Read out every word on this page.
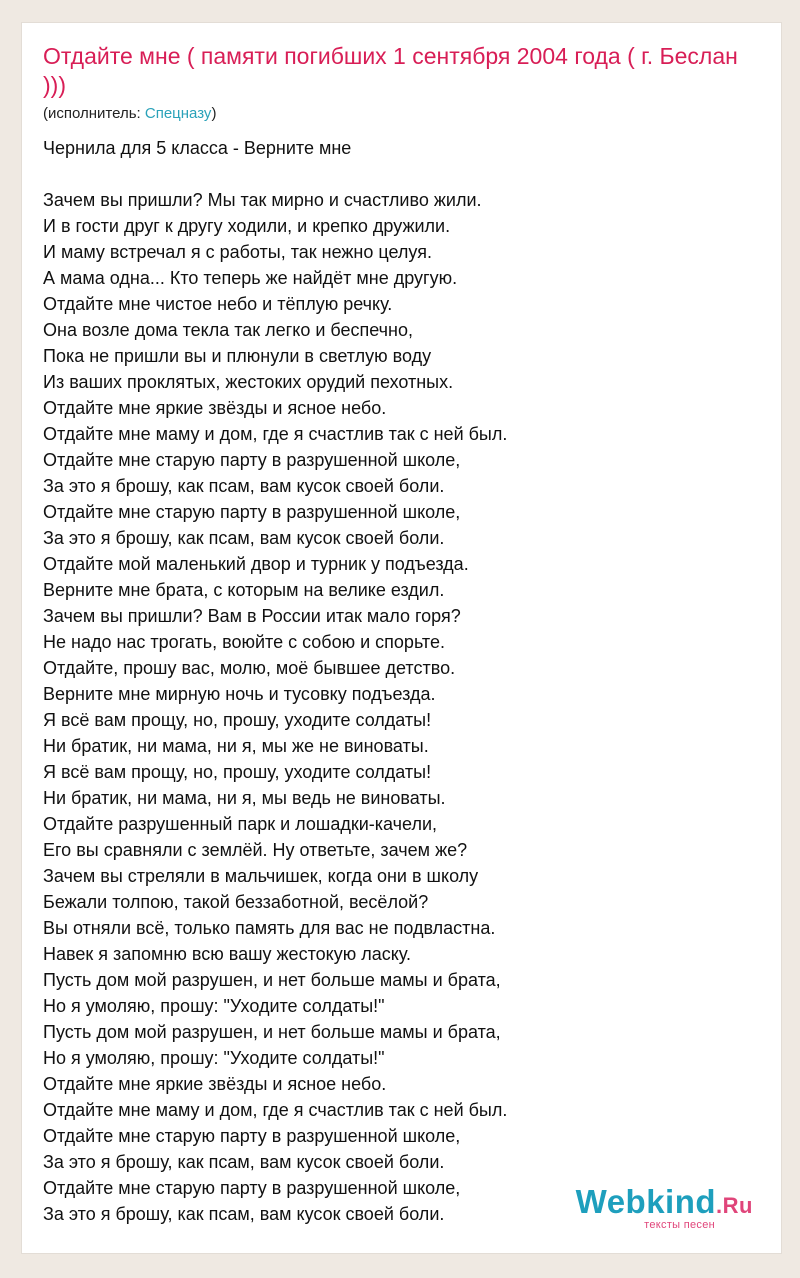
Отдайте мне ( памяти погибших 1 сентября 2004 года ( г. Беслан )))
(исполнитель: Спецназу)
Чернила для 5 класса - Верните мне
Зачем вы пришли? Мы так мирно и счастливо жили.
И в гости друг к другу ходили, и крепко дружили.
И маму встречал я с работы, так нежно целуя.
А мама одна... Кто теперь же найдёт мне другую.
Отдайте мне чистое небо и тёплую речку.
Она возле дома текла так легко и беспечно,
Пока не пришли вы и плюнули в светлую воду
Из ваших проклятых, жестоких орудий пехотных.
Отдайте мне яркие звёзды и ясное небо.
Отдайте мне маму и дом, где я счастлив так с ней был.
Отдайте мне старую парту в разрушенной школе,
За это я брошу, как псам, вам кусок своей боли.
Отдайте мне старую парту в разрушенной школе,
За это я брошу, как псам, вам кусок своей боли.
Отдайте мой маленький двор и турник у подъезда.
Верните мне брата, с которым на велике ездил.
Зачем вы пришли? Вам в России итак мало горя?
Не надо нас трогать, воюйте с собою и спорьте.
Отдайте, прошу вас, молю, моё бывшее детство.
Верните мне мирную ночь и тусовку подъезда.
Я всё вам прощу, но, прошу, уходите солдаты!
Ни братик, ни мама, ни я, мы же не виноваты.
Я всё вам прощу, но, прошу, уходите солдаты!
Ни братик, ни мама, ни я, мы ведь не виноваты.
Отдайте разрушенный парк и лошадки-качели,
Его вы сравняли с землёй. Ну ответьте, зачем же?
Зачем вы стреляли в мальчишек, когда они в школу
Бежали толпою, такой беззаботной, весёлой?
Вы отняли всё, только память для вас не подвластна.
Навек я запомню всю вашу жестокую ласку.
Пусть дом мой разрушен, и нет больше мамы и брата,
Но я умоляю, прошу: "Уходите солдаты!"
Пусть дом мой разрушен, и нет больше мамы и брата,
Но я умоляю, прошу: "Уходите солдаты!"
Отдайте мне яркие звёзды и ясное небо.
Отдайте мне маму и дом, где я счастлив так с ней был.
Отдайте мне старую парту в разрушенной школе,
За это я брошу, как псам, вам кусок своей боли.
Отдайте мне старую парту в разрушенной школе,
За это я брошу, как псам, вам кусок своей боли.	Webkind.Ru
тексты песен
